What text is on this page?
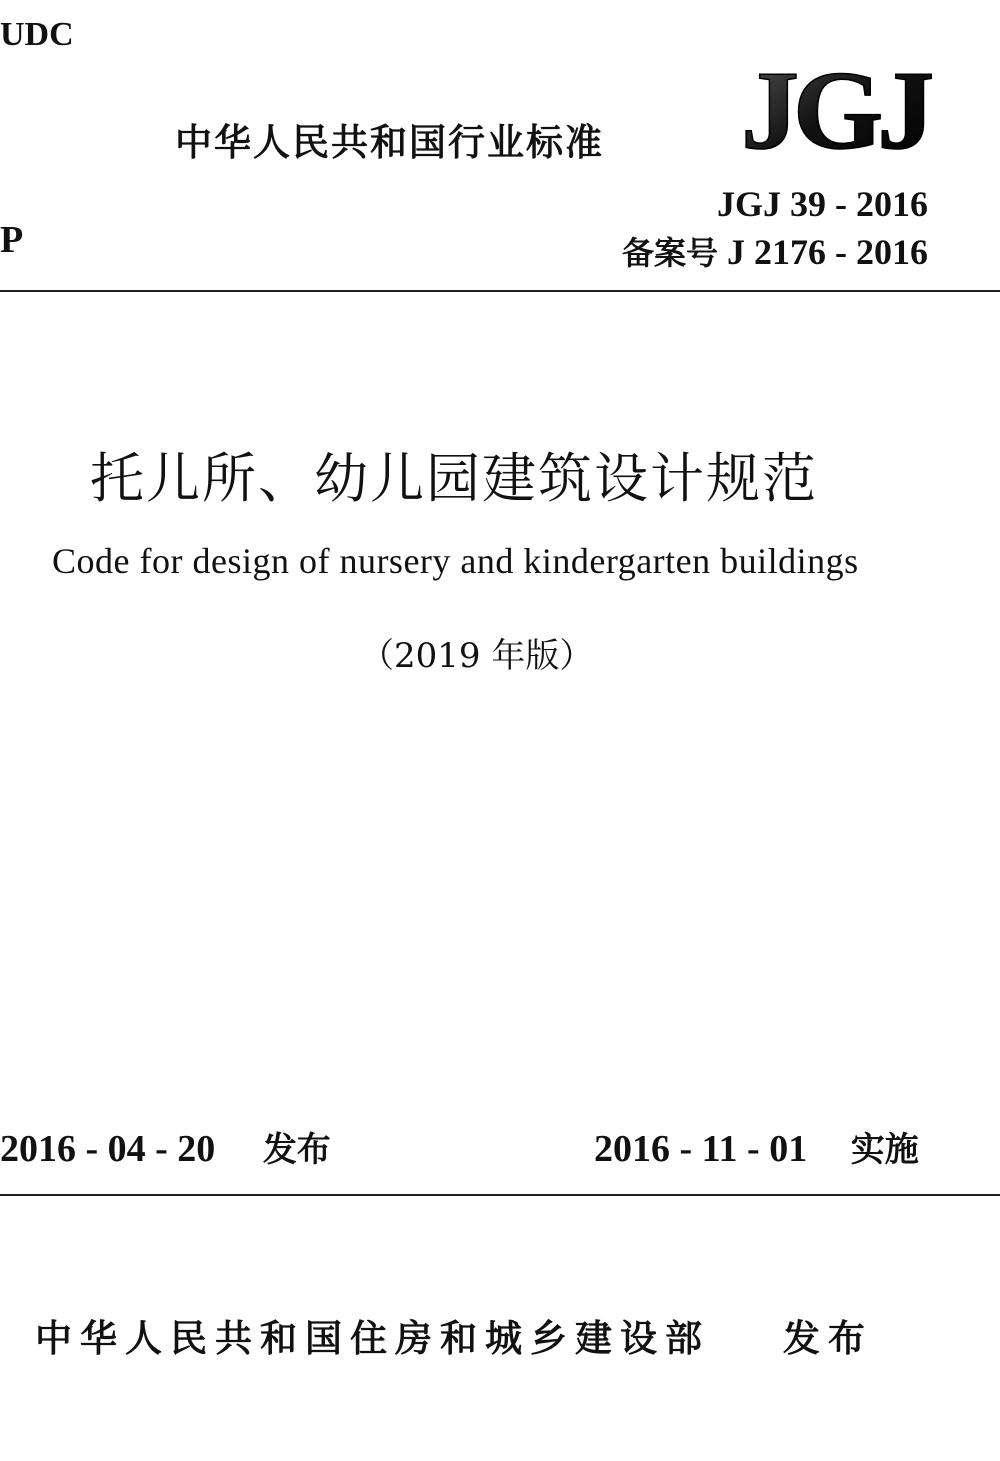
UDC
中华人民共和国行业标准 JGJ
JGJ 39 - 2016
备案号 J 2176 - 2016
P
托儿所、幼儿园建筑设计规范
Code for design of nursery and kindergarten buildings
（2019 年版）
2016 - 04 - 20 发布	2016 - 11 - 01 实施
中华人民共和国住房和城乡建设部 发布
